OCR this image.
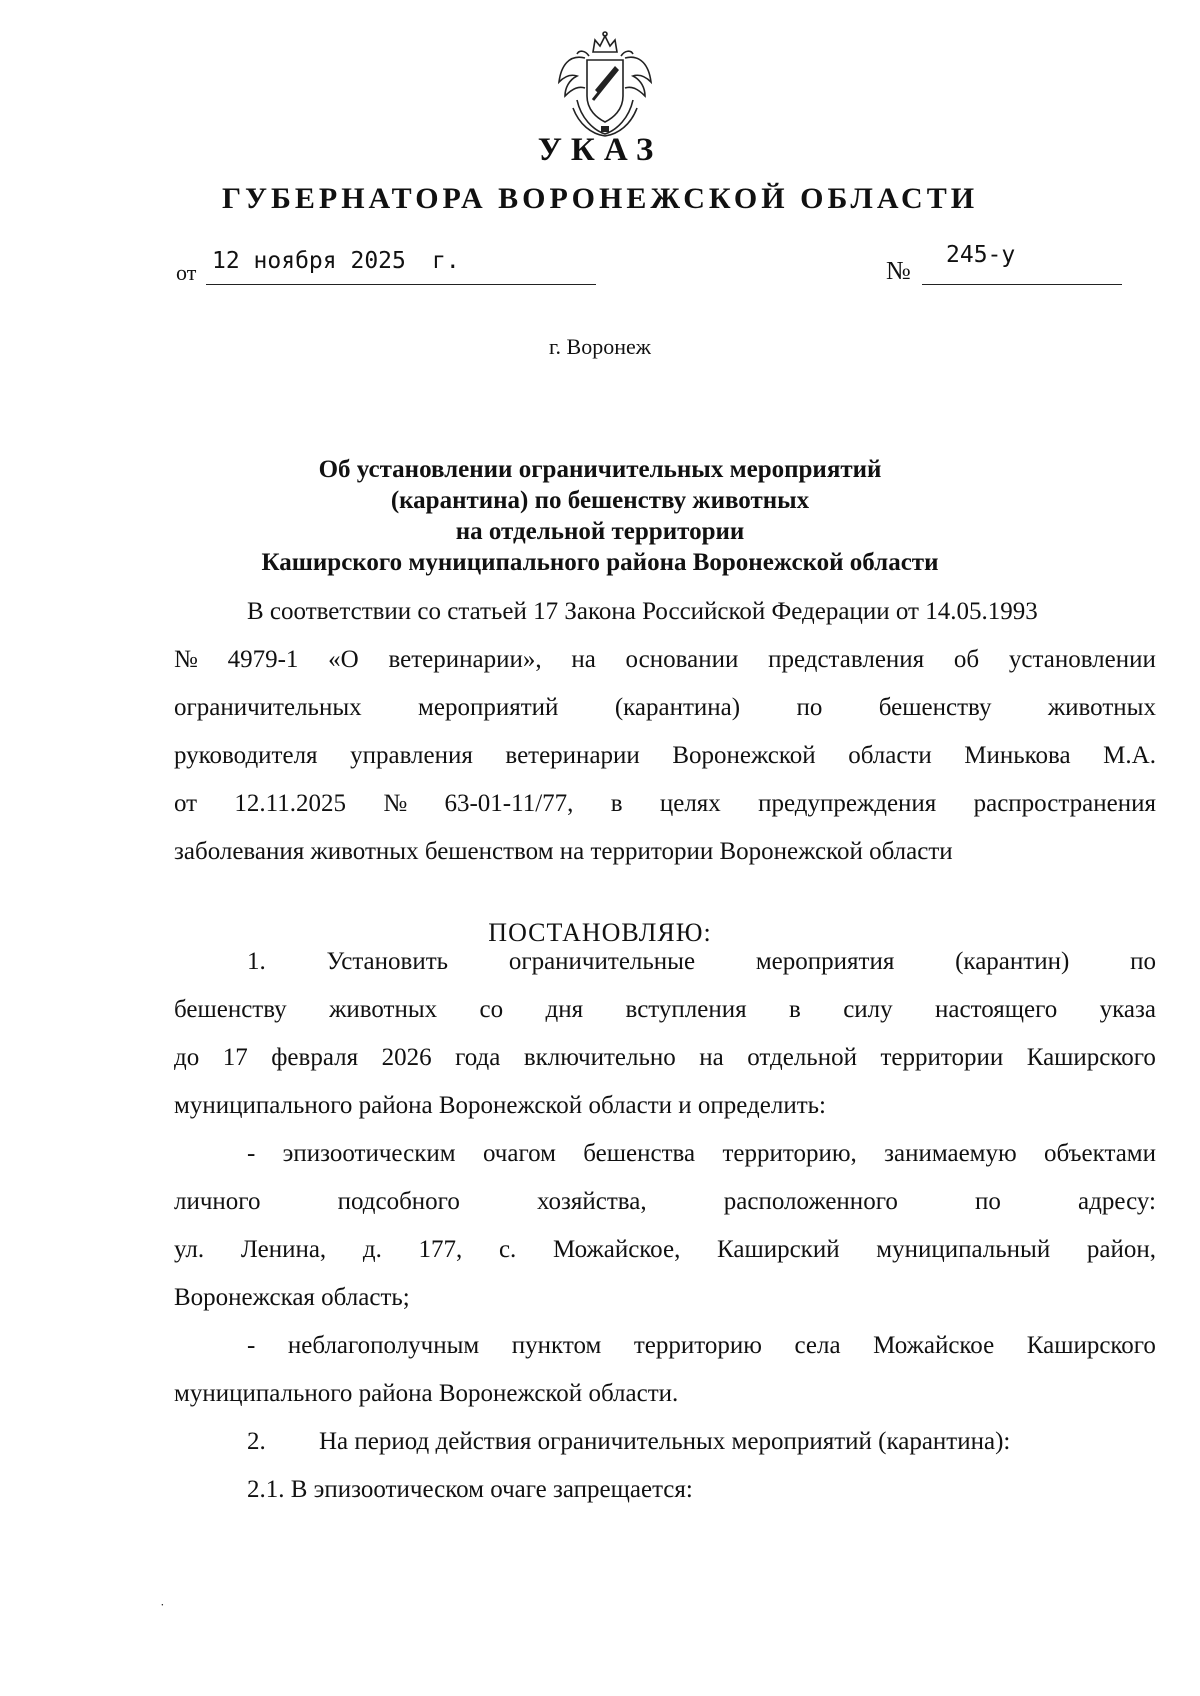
УКАЗ
ГУБЕРНАТОРА ВОРОНЕЖСКОЙ ОБЛАСТИ
от 12 ноября 2025 г.	№
245-у
г. Воронеж
Об установлении ограничительных мероприятий
(карантина) по бешенству животных
на отдельной территории
Каширского муниципального района Воронежской области
В соответствии со статьей 17 Закона Российской Федерации от 14.05.1993
№ 4979-1 «О ветеринарии», на основании представления об установлении
ограничительных мероприятий (карантина) по бешенству животных
руководителя управления ветеринарии Воронежской области Минькова М.А.
от 12.11.2025 № 63-01-11/77, в целях предупреждения распространения
заболевания животных бешенством на территории Воронежской области
ПОСТАНОВЛЯЮ:
1. Установить ограничительные мероприятия (карантин) по
бешенству животных со дня вступления в силу настоящего указа
до 17 февраля 2026 года включительно на отдельной территории Каширского
муниципального района Воронежской области и определить:
- эпизоотическим очагом бешенства территорию, занимаемую объектами
личного	подсобного	хозяйства,	расположенного	по	адресу:
ул. Ленина, д. 177, с. Можайское, Каширский муниципальный район,
Воронежская область;
- неблагополучным пунктом территорию села Можайское Каширского
муниципального района Воронежской области.
2. На период действия ограничительных мероприятий (карантина):
2.1. В эпизоотическом очаге запрещается:
˙
